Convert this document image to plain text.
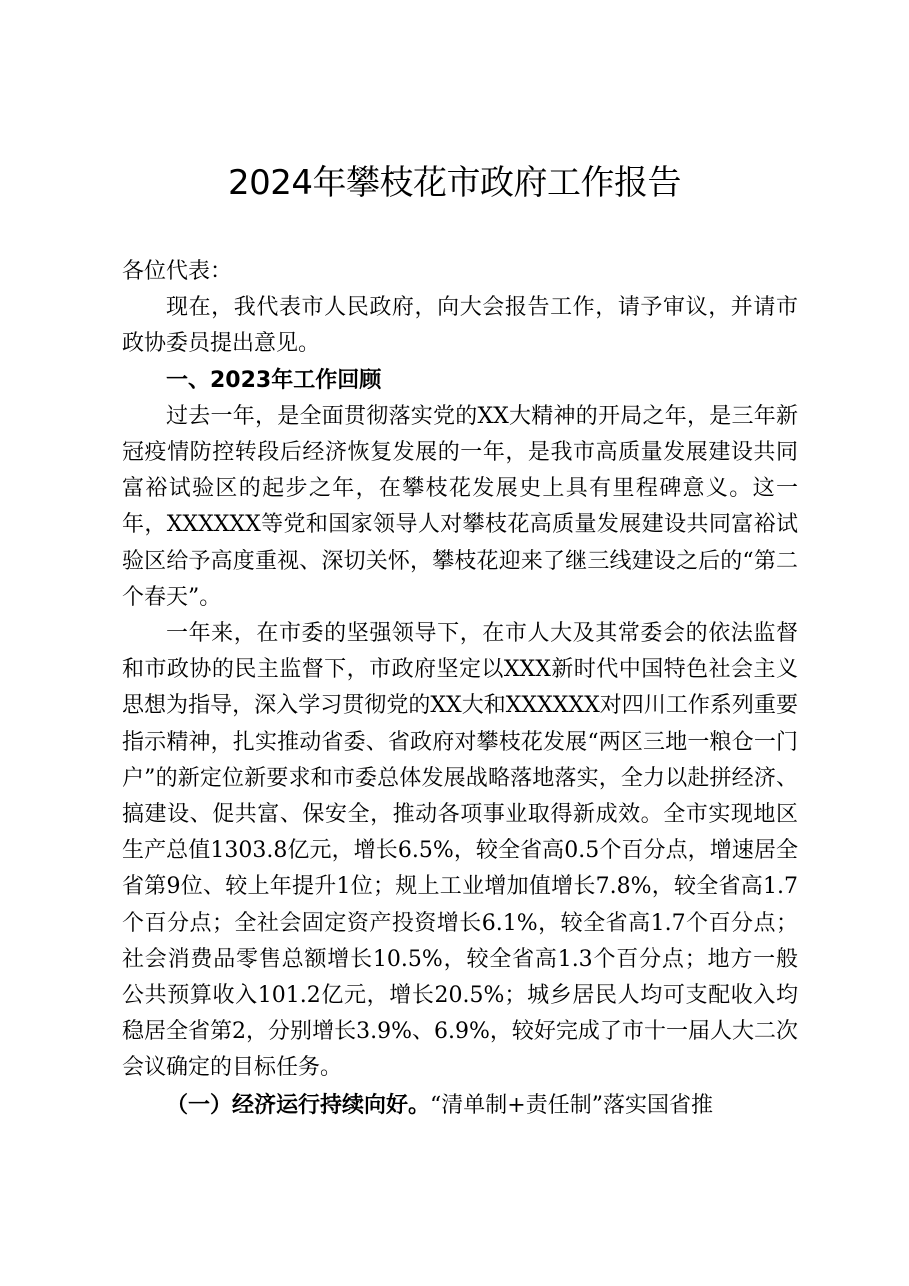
2024年攀枝花市政府工作报告

各位代表：

现在，我代表市人民政府，向大会报告工作，请予审议，并请市政协委员提出意见。

一、2023年工作回顾

过去一年，是全面贯彻落实党的XX大精神的开局之年，是三年新冠疫情防控转段后经济恢复发展的一年，是我市高质量发展建设共同富裕试验区的起步之年，在攀枝花发展史上具有里程碑意义。这一年，XXXXXX等党和国家领导人对攀枝花高质量发展建设共同富裕试验区给予高度重视、深切关怀，攀枝花迎来了继三线建设之后的“第二个春天”。

一年来，在市委的坚强领导下，在市人大及其常委会的依法监督和市政协的民主监督下，市政府坚定以XXX新时代中国特色社会主义思想为指导，深入学习贯彻党的XX大和XXXXXX对四川工作系列重要指示精神，扎实推动省委、省政府对攀枝花发展“两区三地一粮仓一门户”的新定位新要求和市委总体发展战略落地落实，全力以赴拼经济、搞建设、促共富、保安全，推动各项事业取得新成效。全市实现地区生产总值1303.8亿元，增长6.5%，较全省高0.5个百分点，增速居全省第9位、较上年提升1位；规上工业增加值增长7.8%，较全省高1.7个百分点；全社会固定资产投资增长6.1%，较全省高1.7个百分点；社会消费品零售总额增长10.5%，较全省高1.3个百分点；地方一般公共预算收入101.2亿元，增长20.5%；城乡居民人均可支配收入均稳居全省第2，分别增长3.9%、6.9%，较好完成了市十一届人大二次会议确定的目标任务。

（一）经济运行持续向好。“清单制+责任制”落实国省推
